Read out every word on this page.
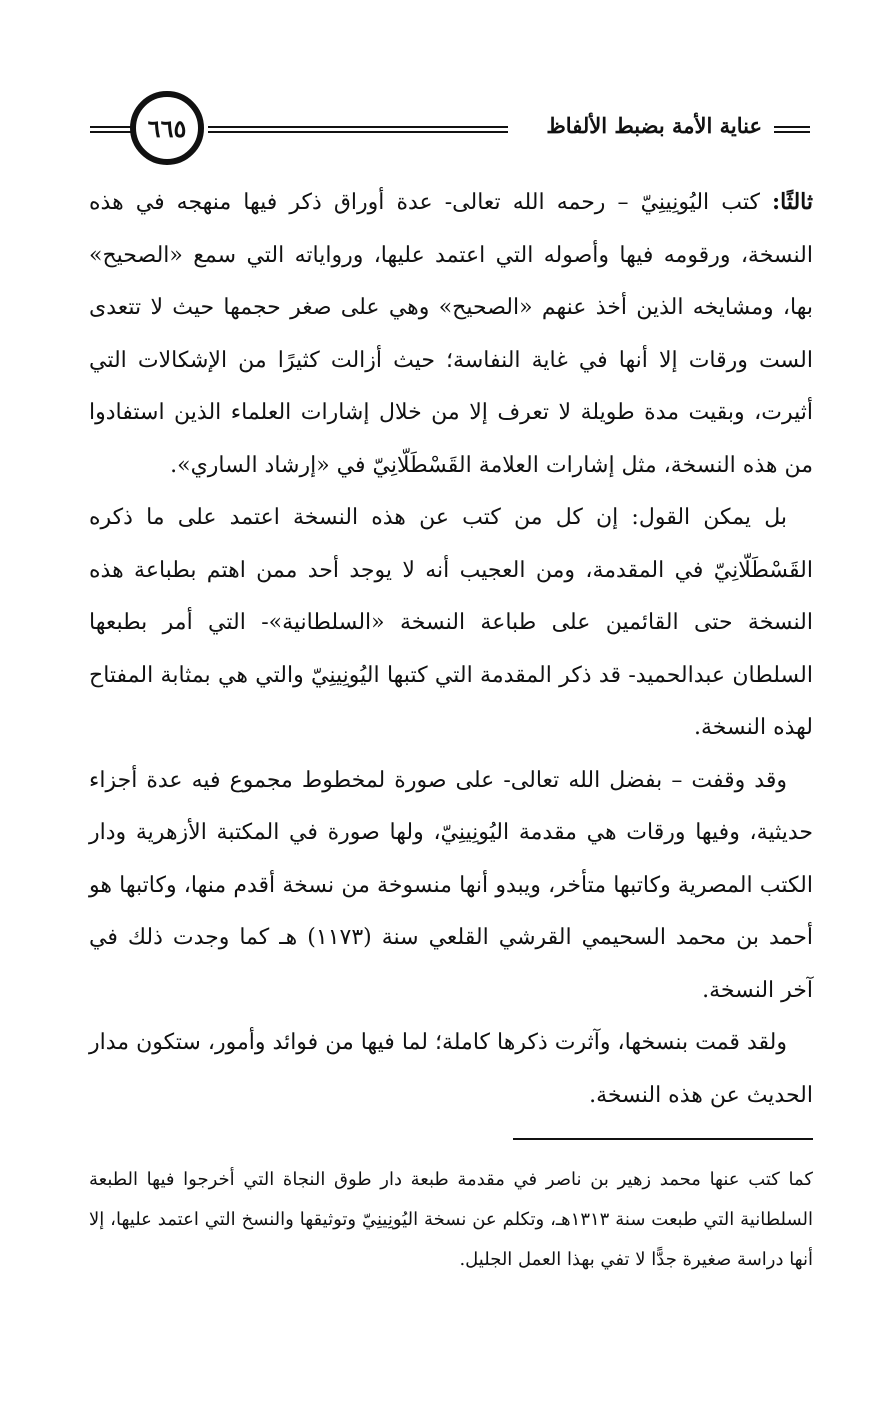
عناية الأمة بضبط الألفاظ
٦٦٥

ثالثًا: كتب اليُونِينِيّ – رحمه الله تعالى- عدة أوراق ذكر فيها منهجه في هذه النسخة، ورقومه فيها وأصوله التي اعتمد عليها، ورواياته التي سمع «الصحيح» بها، ومشايخه الذين أخذ عنهم «الصحيح» وهي على صغر حجمها حيث لا تتعدى الست ورقات إلا أنها في غاية النفاسة؛ حيث أزالت كثيرًا من الإشكالات التي أثيرت، وبقيت مدة طويلة لا تعرف إلا من خلال إشارات العلماء الذين استفادوا من هذه النسخة، مثل إشارات العلامة القَسْطَلّانِيّ في «إرشاد الساري».

بل يمكن القول: إن كل من كتب عن هذه النسخة اعتمد على ما ذكره القَسْطَلّانِيّ في المقدمة، ومن العجيب أنه لا يوجد أحد ممن اهتم بطباعة هذه النسخة حتى القائمين على طباعة النسخة «السلطانية»- التي أمر بطبعها السلطان عبدالحميد- قد ذكر المقدمة التي كتبها اليُونِينِيّ والتي هي بمثابة المفتاح لهذه النسخة.

وقد وقفت – بفضل الله تعالى- على صورة لمخطوط مجموع فيه عدة أجزاء حديثية، وفيها ورقات هي مقدمة اليُونِينِيّ، ولها صورة في المكتبة الأزهرية ودار الكتب المصرية وكاتبها متأخر، ويبدو أنها منسوخة من نسخة أقدم منها، وكاتبها هو أحمد بن محمد السحيمي القرشي القلعي سنة (١١٧٣) هـ كما وجدت ذلك في آخر النسخة.

ولقد قمت بنسخها، وآثرت ذكرها كاملة؛ لما فيها من فوائد وأمور، ستكون مدار الحديث عن هذه النسخة.

كما كتب عنها محمد زهير بن ناصر في مقدمة طبعة دار طوق النجاة التي أخرجوا فيها الطبعة السلطانية التي طبعت سنة ١٣١٣هـ، وتكلم عن نسخة اليُونِينِيّ وتوثيقها والنسخ التي اعتمد عليها، إلا أنها دراسة صغيرة جدًّا لا تفي بهذا العمل الجليل.
